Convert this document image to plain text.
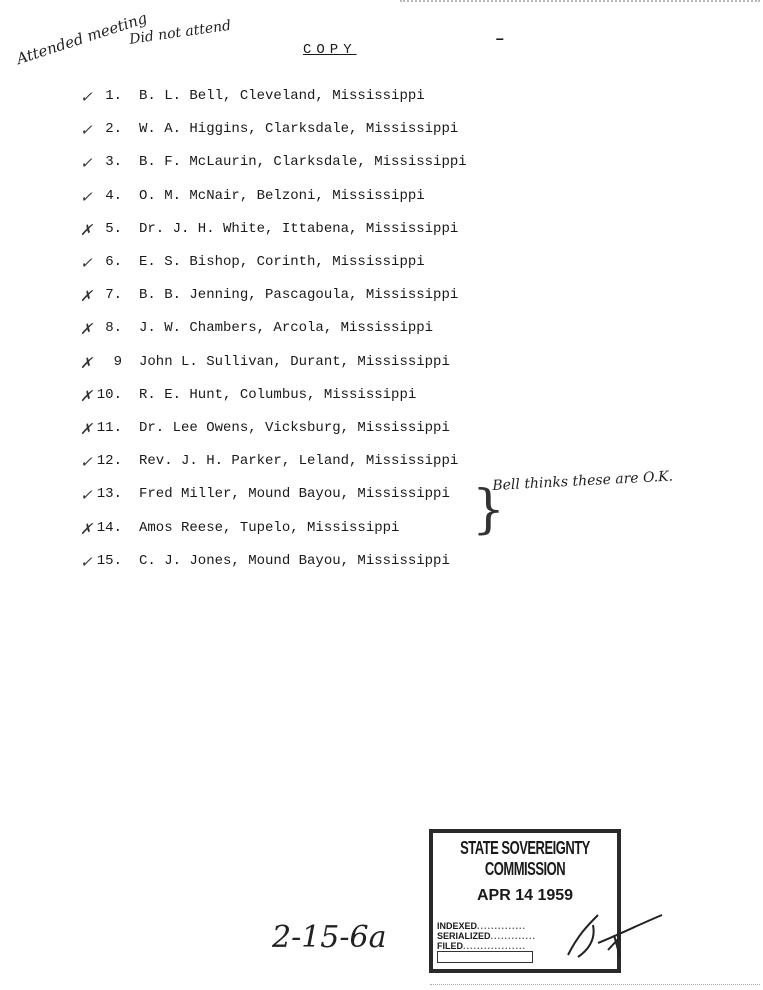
COPY
–
Attended meeting
Did not attend
✓ 1. B. L. Bell, Cleveland, Mississippi
✓ 2. W. A. Higgins, Clarksdale, Mississippi
✓ 3. B. F. McLaurin, Clarksdale, Mississippi
✓ 4. O. M. McNair, Belzoni, Mississippi
✗ 5. Dr. J. H. White, Ittabena, Mississippi
✓ 6. E. S. Bishop, Corinth, Mississippi
✗ 7. B. B. Jenning, Pascagoula, Mississippi
✗ 8. J. W. Chambers, Arcola, Mississippi
✗	9 John L. Sullivan, Durant, Mississippi
✗ 10. R. E. Hunt, Columbus, Mississippi
✗ 11. Dr. Lee Owens, Vicksburg, Mississippi
✓ 12. Rev. J. H. Parker, Leland, Mississippi
✓ 13. Fred Miller, Mound Bayou, Mississippi
✗ 14. Amos Reese, Tupelo, Mississippi
✓ 15. C. J. Jones, Mound Bayou, Mississippi
}
Bell thinks these are O.K.
STATE SOVEREIGNTY COMMISSION
APR 14 1959
INDEXED..............
SERIALIZED.............
FILED..................
2-15-6a
